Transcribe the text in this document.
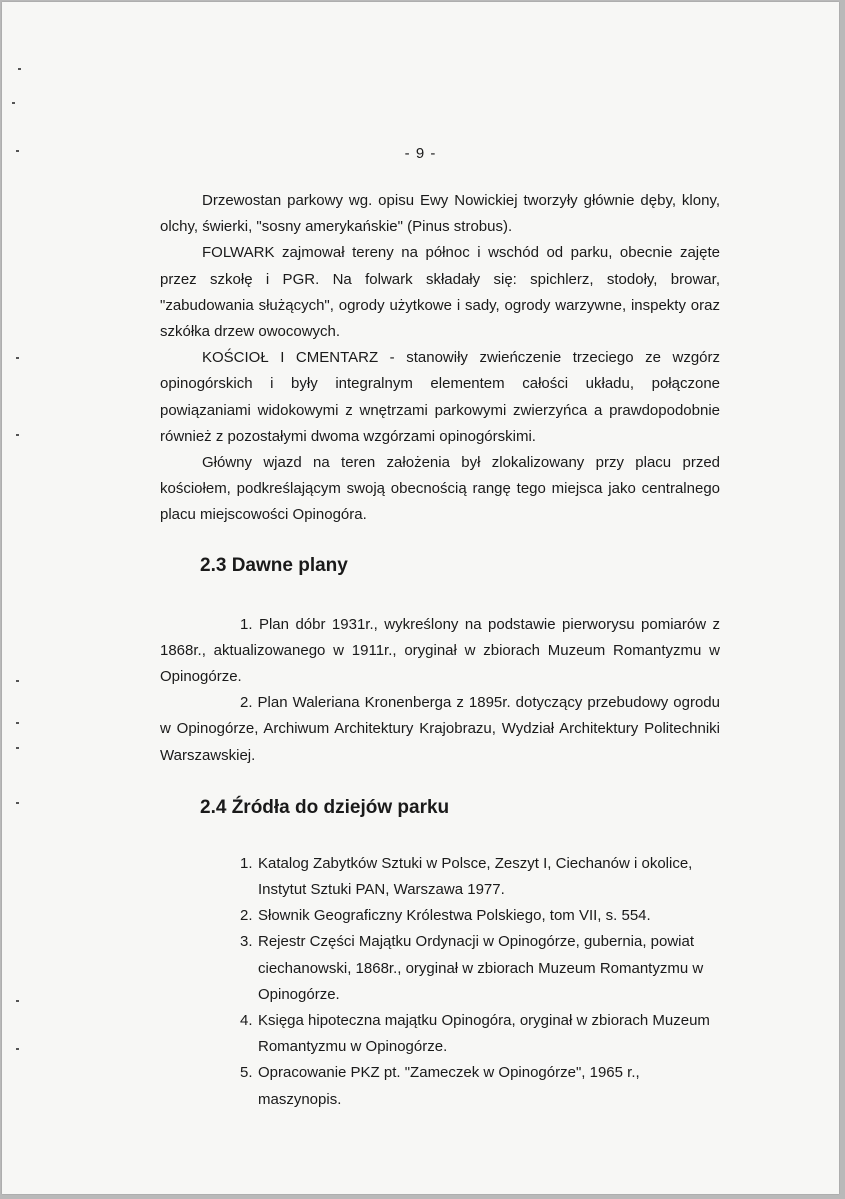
- 9 -

Drzewostan parkowy wg. opisu Ewy Nowickiej tworzyły głównie dęby, klony, olchy, świerki, "sosny amerykańskie" (Pinus strobus).

FOLWARK zajmował tereny na północ i wschód od parku, obecnie zajęte przez szkołę i PGR. Na folwark składały się: spichlerz, stodoły, browar, "zabudowania służących", ogrody użytkowe i sady, ogrody warzywne, inspekty oraz szkółka drzew owocowych.

KOŚCIOŁ I CMENTARZ - stanowiły zwieńczenie trzeciego ze wzgórz opinogórskich i były integralnym elementem całości układu, połączone powiązaniami widokowymi z wnętrzami parkowymi zwierzyńca a prawdopodobnie również z pozostałymi dwoma wzgórzami opinogórskimi.

Główny wjazd na teren założenia był zlokalizowany przy placu przed kościołem, podkreślającym swoją obecnością rangę tego miejsca jako centralnego placu miejscowości Opinogóra.

2.3 Dawne plany
1. Plan dóbr 1931r., wykreślony na podstawie pierworysu pomiarów z 1868r., aktualizowanego w 1911r., oryginał w zbiorach Muzeum Romantyzmu w Opinogórze.
2. Plan Waleriana Kronenberga z 1895r. dotyczący przebudowy ogrodu w Opinogórze, Archiwum Architektury Krajobrazu, Wydział Architektury Politechniki Warszawskiej.
2.4 Źródła do dziejów parku
1. Katalog Zabytków Sztuki w Polsce, Zeszyt I, Ciechanów i okolice, Instytut Sztuki PAN, Warszawa 1977.
2. Słownik Geograficzny Królestwa Polskiego, tom VII, s. 554.
3. Rejestr Części Majątku Ordynacji w Opinogórze, gubernia, powiat ciechanowski, 1868r., oryginał w zbiorach Muzeum Romantyzmu w Opinogórze.
4. Księga hipoteczna majątku Opinogóra, oryginał w zbiorach Muzeum Romantyzmu w Opinogórze.
5. Opracowanie PKZ pt. "Zameczek w Opinogórze", 1965 r., maszynopis.
